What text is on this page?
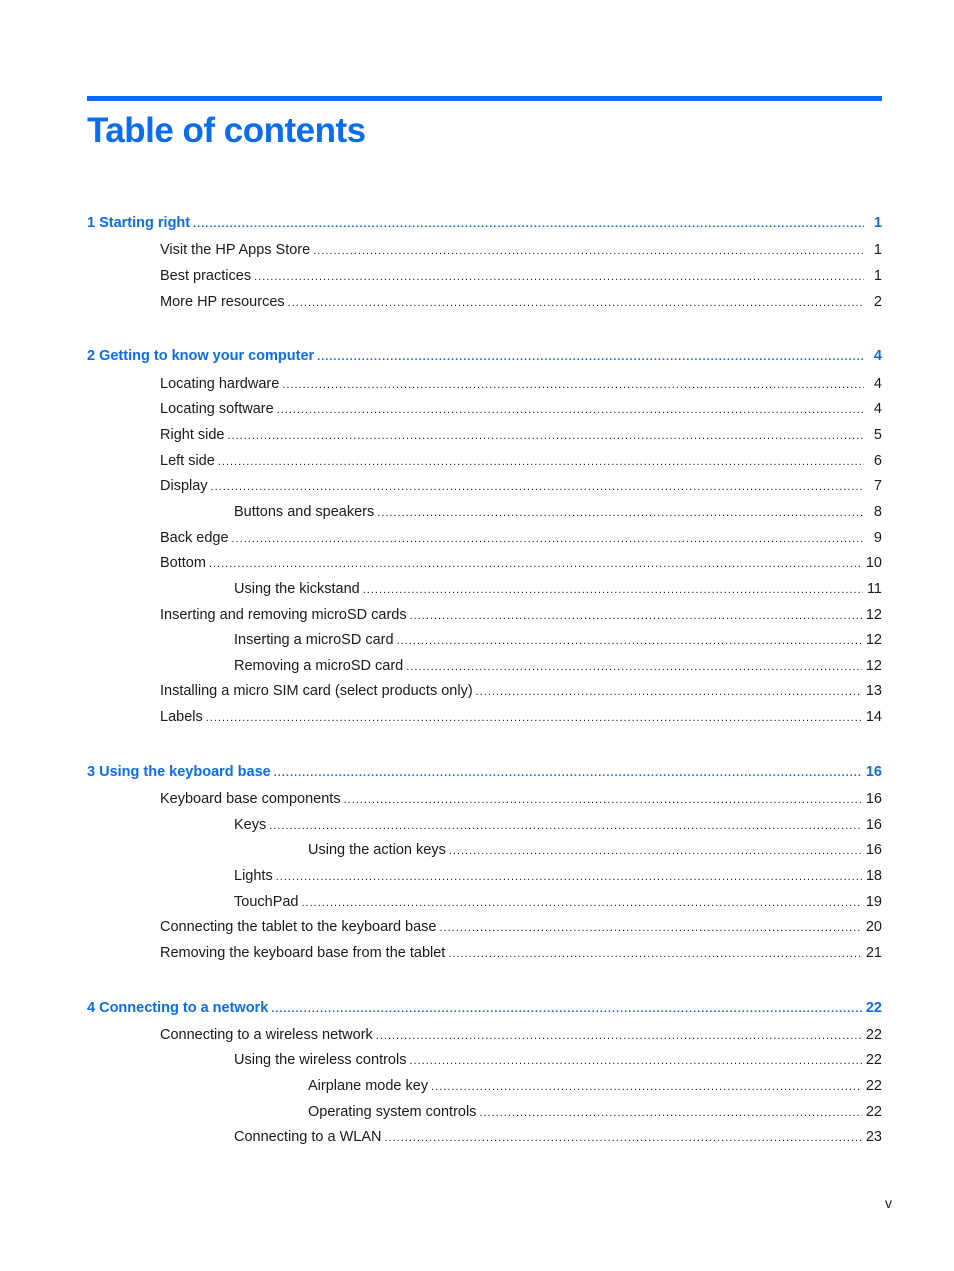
Table of contents
1 Starting right .....	1
Visit the HP Apps Store .....	1
Best practices .....	1
More HP resources .....	2
2 Getting to know your computer .....	4
Locating hardware .....	4
Locating software .....	4
Right side .....	5
Left side .....	6
Display .....	7
Buttons and speakers .....	8
Back edge .....	9
Bottom .....	10
Using the kickstand .....	11
Inserting and removing microSD cards .....	12
Inserting a microSD card .....	12
Removing a microSD card .....	12
Installing a micro SIM card (select products only) .....	13
Labels .....	14
3 Using the keyboard base .....	16
Keyboard base components .....	16
Keys .....	16
Using the action keys .....	16
Lights .....	18
TouchPad .....	19
Connecting the tablet to the keyboard base .....	20
Removing the keyboard base from the tablet .....	21
4 Connecting to a network .....	22
Connecting to a wireless network .....	22
Using the wireless controls .....	22
Airplane mode key .....	22
Operating system controls .....	22
Connecting to a WLAN .....	23
v
